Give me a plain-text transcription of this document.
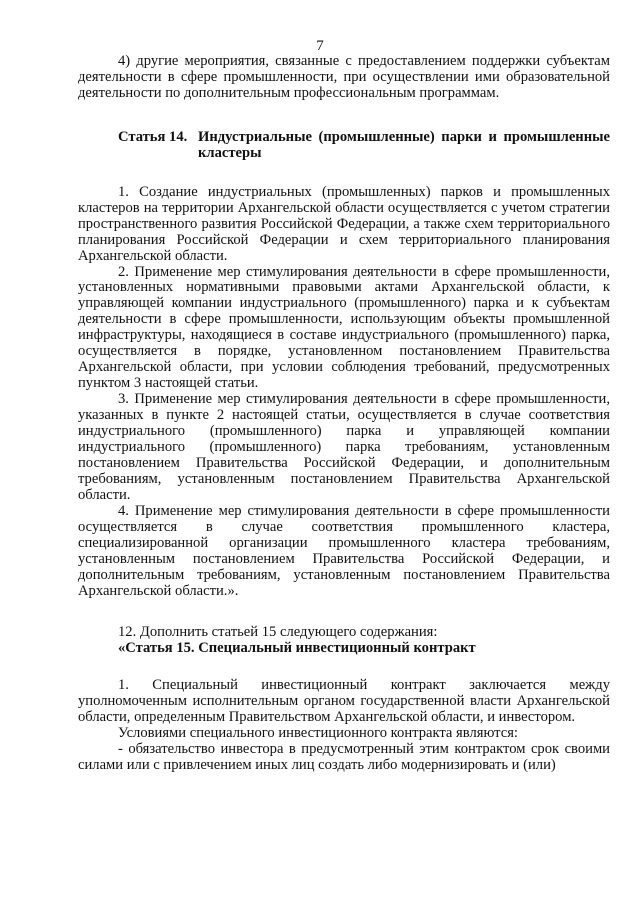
7

4) другие мероприятия, связанные с предоставлением поддержки субъектам деятельности в сфере промышленности, при осуществлении ими образовательной деятельности по дополнительным профессиональным программам.

Статья 14. Индустриальные (промышленные) парки и промышленные кластеры

1. Создание индустриальных (промышленных) парков и промышленных кластеров на территории Архангельской области осуществляется с учетом стратегии пространственного развития Российской Федерации, а также схем территориального планирования Российской Федерации и схем территориального планирования Архангельской области.

2. Применение мер стимулирования деятельности в сфере промышленности, установленных нормативными правовыми актами Архангельской области, к управляющей компании индустриального (промышленного) парка и к субъектам деятельности в сфере промышленности, использующим объекты промышленной инфраструктуры, находящиеся в составе индустриального (промышленного) парка, осуществляется в порядке, установленном постановлением Правительства Архангельской области, при условии соблюдения требований, предусмотренных пунктом 3 настоящей статьи.

3. Применение мер стимулирования деятельности в сфере промышленности, указанных в пункте 2 настоящей статьи, осуществляется в случае соответствия индустриального (промышленного) парка и управляющей компании индустриального (промышленного) парка требованиям, установленным постановлением Правительства Российской Федерации, и дополнительным требованиям, установленным постановлением Правительства Архангельской области.

4. Применение мер стимулирования деятельности в сфере промышленности осуществляется в случае соответствия промышленного кластера, специализированной организации промышленного кластера требованиям, установленным постановлением Правительства Российской Федерации, и дополнительным требованиям, установленным постановлением Правительства Архангельской области.».

12. Дополнить статьей 15 следующего содержания:

«Статья 15. Специальный инвестиционный контракт

1. Специальный инвестиционный контракт заключается между уполномоченным исполнительным органом государственной власти Архангельской области, определенным Правительством Архангельской области, и инвестором.

Условиями специального инвестиционного контракта являются:

- обязательство инвестора в предусмотренный этим контрактом срок своими силами или с привлечением иных лиц создать либо модернизировать и (или)
